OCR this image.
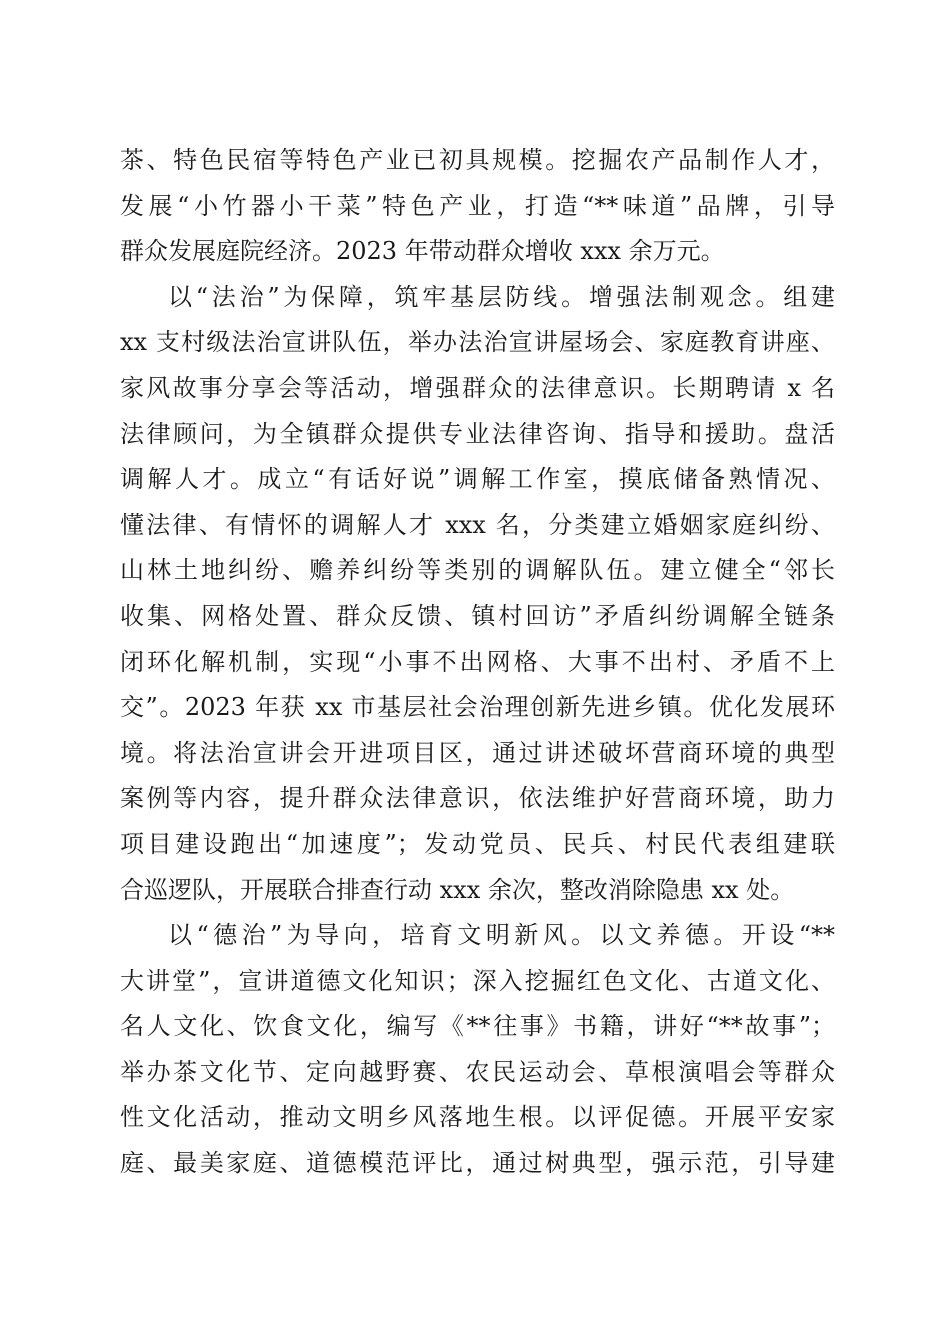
茶、特色民宿等特色产业已初具规模。挖掘农产品制作人才，
发展“小竹器小干菜”特色产业，打造“**味道”品牌，引导
群众发展庭院经济。2023 年带动群众增收 xxx 余万元。
以“法治”为保障，筑牢基层防线。增强法制观念。组建
xx 支村级法治宣讲队伍，举办法治宣讲屋场会、家庭教育讲座、
家风故事分享会等活动，增强群众的法律意识。长期聘请 x 名
法律顾问，为全镇群众提供专业法律咨询、指导和援助。盘活
调解人才。成立“有话好说”调解工作室，摸底储备熟情况、
懂法律、有情怀的调解人才 xxx 名，分类建立婚姻家庭纠纷、
山林土地纠纷、赡养纠纷等类别的调解队伍。建立健全“邻长
收集、网格处置、群众反馈、镇村回访”矛盾纠纷调解全链条
闭环化解机制，实现“小事不出网格、大事不出村、矛盾不上
交”。2023 年获 xx 市基层社会治理创新先进乡镇。优化发展环
境。将法治宣讲会开进项目区，通过讲述破坏营商环境的典型
案例等内容，提升群众法律意识，依法维护好营商环境，助力
项目建设跑出“加速度”；发动党员、民兵、村民代表组建联
合巡逻队，开展联合排查行动 xxx 余次，整改消除隐患 xx 处。
以“德治”为导向，培育文明新风。以文养德。开设“**
大讲堂”，宣讲道德文化知识；深入挖掘红色文化、古道文化、
名人文化、饮食文化，编写《**往事》书籍，讲好“**故事”；
举办茶文化节、定向越野赛、农民运动会、草根演唱会等群众
性文化活动，推动文明乡风落地生根。以评促德。开展平安家
庭、最美家庭、道德模范评比，通过树典型，强示范，引导建
